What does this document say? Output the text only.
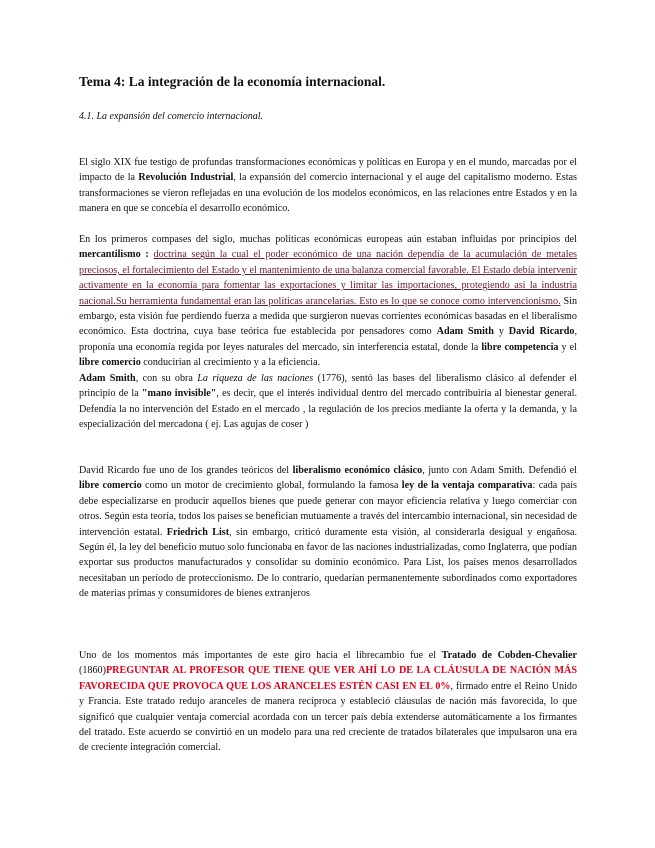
Tema 4: La integración de la economía internacional.

4.1. La expansión del comercio internacional.

El siglo XIX fue testigo de profundas transformaciones económicas y políticas en Europa y en el mundo, marcadas por el impacto de la Revolución Industrial, la expansión del comercio internacional y el auge del capitalismo moderno. Estas transformaciones se vieron reflejadas en una evolución de los modelos económicos, en las relaciones entre Estados y en la manera en que se concebía el desarrollo económico.

En los primeros compases del siglo, muchas políticas económicas europeas aún estaban influidas por principios del mercantilismo : doctrina según la cual el poder económico de una nación dependía de la acumulación de metales preciosos, el fortalecimiento del Estado y el mantenimiento de una balanza comercial favorable. El Estado debía intervenir activamente en la economía para fomentar las exportaciones y limitar las importaciones, protegiendo así la industria nacional.Su herramienta fundamental eran las políticas arancelarias. Esto es lo que se conoce como intervencionismo. Sin embargo, esta visión fue perdiendo fuerza a medida que surgieron nuevas corrientes económicas basadas en el liberalismo económico. Esta doctrina, cuya base teórica fue establecida por pensadores como Adam Smith y David Ricardo, proponía una economía regida por leyes naturales del mercado, sin interferencia estatal, donde la libre competencia y el libre comercio conducirían al crecimiento y a la eficiencia.

Adam Smith, con su obra La riqueza de las naciones (1776), sentó las bases del liberalismo clásico al defender el principio de la "mano invisible", es decir, que el interés individual dentro del mercado contribuiría al bienestar general. Defendía la no intervención del Estado en el mercado , la regulación de los precios mediante la oferta y la demanda, y la especialización del mercadona ( ej. Las agujas de coser )

David Ricardo fue uno de los grandes teóricos del liberalismo económico clásico, junto con Adam Smith. Defendió el libre comercio como un motor de crecimiento global, formulando la famosa ley de la ventaja comparativa: cada país debe especializarse en producir aquellos bienes que puede generar con mayor eficiencia relativa y luego comerciar con otros. Según esta teoría, todos los países se benefician mutuamente a través del intercambio internacional, sin necesidad de intervención estatal. Friedrich List, sin embargo, criticó duramente esta visión, al considerarla desigual y engañosa. Según él, la ley del beneficio mutuo solo funcionaba en favor de las naciones industrializadas, como Inglaterra, que podían exportar sus productos manufacturados y consolidar su dominio económico. Para List, los países menos desarrollados necesitaban un período de proteccionismo. De lo contrario, quedarían permanentemente subordinados como exportadores de materias primas y consumidores de bienes extranjeros

Uno de los momentos más importantes de este giro hacia el librecambio fue el Tratado de Cobden-Chevalier (1860)PREGUNTAR AL PROFESOR QUE TIENE QUE VER AHÍ LO DE LA CLÁUSULA DE NACIÓN MÁS FAVORECIDA QUE PROVOCA QUE LOS ARANCELES ESTÉN CASI EN EL 0%, firmado entre el Reino Unido y Francia. Este tratado redujo aranceles de manera recíproca y estableció cláusulas de nación más favorecida, lo que significó que cualquier ventaja comercial acordada con un tercer país debía extenderse automáticamente a los firmantes del tratado. Este acuerdo se convirtió en un modelo para una red creciente de tratados bilaterales que impulsaron una era de creciente integración comercial.
